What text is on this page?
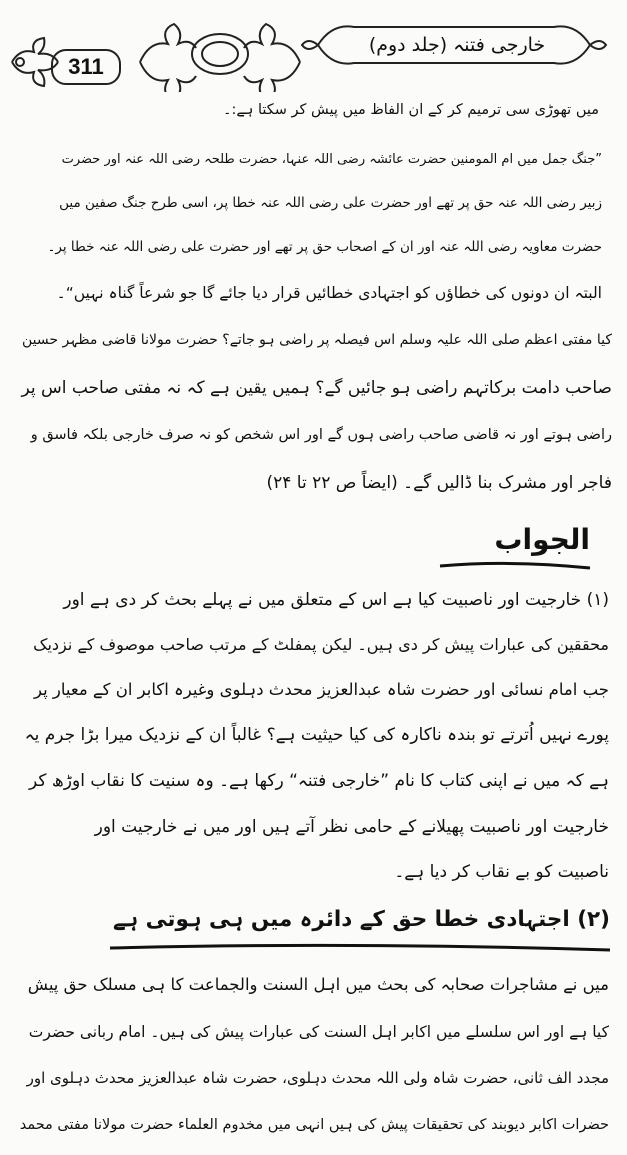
311
خارجی فتنہ (جلد دوم)
میں تھوڑی سی ترمیم کر کے ان الفاظ میں پیش کر سکتا ہے:۔
”جنگ جمل میں ام المومنین حضرت عائشہ رضی اللہ عنہا، حضرت طلحہ رضی اللہ عنہ اور حضرت
زبیر رضی اللہ عنہ حق پر تھے اور حضرت علی رضی اللہ عنہ خطا پر، اسی طرح جنگ صفین میں
حضرت معاویہ رضی اللہ عنہ اور ان کے اصحاب حق پر تھے اور حضرت علی رضی اللہ عنہ خطا پر۔
البتہ ان دونوں کی خطاؤں کو اجتہادی خطائیں قرار دیا جائے گا جو شرعاً گناہ نہیں“۔
کیا مفتی اعظم صلی اللہ علیہ وسلم اس فیصلہ پر راضی ہو جاتے؟ حضرت مولانا قاضی مظہر حسین
صاحب دامت برکاتہم راضی ہو جائیں گے؟ ہمیں یقین ہے کہ نہ مفتی صاحب اس پر
راضی ہوتے اور نہ قاضی صاحب راضی ہوں گے اور اس شخص کو نہ صرف خارجی بلکہ فاسق و
فاجر اور مشرک بنا ڈالیں گے۔ (ایضاً ص ۲۲ تا ۲۴)
الجواب
(۱) خارجیت اور ناصبیت کیا ہے اس کے متعلق میں نے پہلے بحث کر دی ہے اور
محققین کی عبارات پیش کر دی ہیں۔ لیکن پمفلٹ کے مرتب صاحب موصوف کے نزدیک
جب امام نسائی اور حضرت شاہ عبدالعزیز محدث دہلوی وغیرہ اکابر ان کے معیار پر
پورے نہیں اُترتے تو بندہ ناکارہ کی کیا حیثیت ہے؟ غالباً ان کے نزدیک میرا بڑا جرم یہ
ہے کہ میں نے اپنی کتاب کا نام ”خارجی فتنہ“ رکھا ہے۔ وہ سنیت کا نقاب اوڑھ کر
خارجیت اور ناصبیت پھیلانے کے حامی نظر آتے ہیں اور میں نے خارجیت اور
ناصبیت کو بے نقاب کر دیا ہے۔
(۲) اجتہادی خطا حق کے دائرہ میں ہی ہوتی ہے
میں نے مشاجرات صحابہ کی بحث میں اہل السنت والجماعت کا ہی مسلک حق پیش
کیا ہے اور اس سلسلے میں اکابر اہل السنت کی عبارات پیش کی ہیں۔ امام ربانی حضرت
مجدد الف ثانی، حضرت شاہ ولی اللہ محدث دہلوی، حضرت شاہ عبدالعزیز محدث دہلوی اور
حضرات اکابر دیوبند کی تحقیقات پیش کی ہیں انہی میں مخدوم العلماء حضرت مولانا مفتی محمد
